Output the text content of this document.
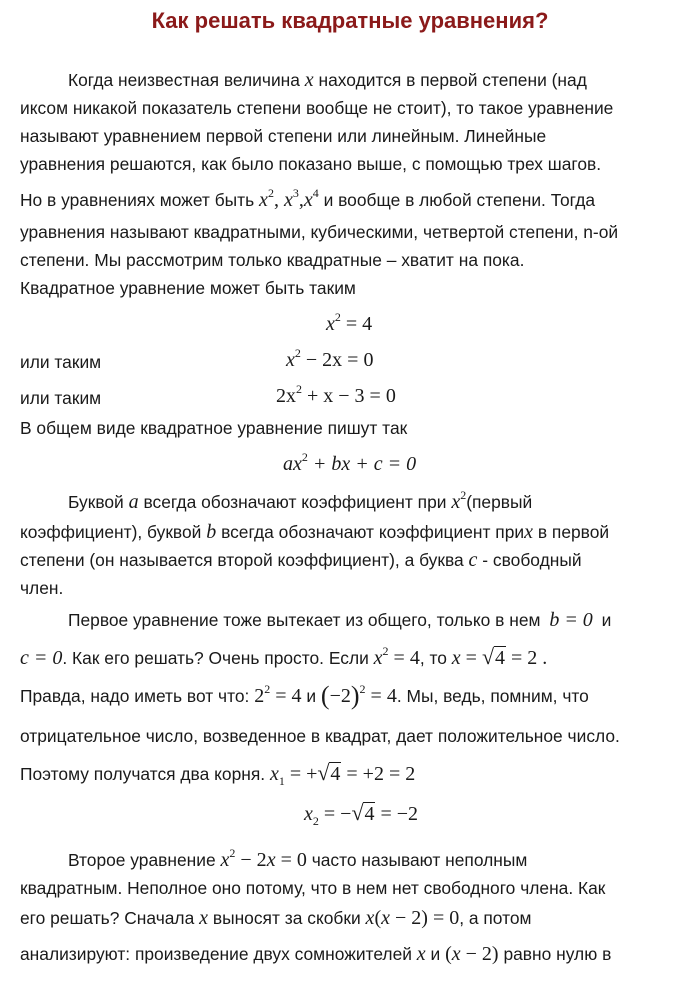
Как решать квадратные уравнения?
Когда неизвестная величина x находится в первой степени (над
иксом никакой показатель степени вообще не стоит), то такое уравнение
называют уравнением первой степени или линейным. Линейные
уравнения решаются, как было показано выше, с помощью трех шагов.
Но в уравнениях может быть $x^2$, $x^3,x^4$ и вообще в любой степени. Тогда
уравнения называют квадратными, кубическими, четвертой степени, n-ой
степени. Мы рассмотрим только квадратные – хватит на пока.
Квадратное уравнение может быть таким
$x^2 = 4$
или таким	$x^2 - 2x = 0$
или таким	$2x^2 + x - 3 = 0$
В общем виде квадратное уравнение пишут так
$ax^2$ + bx + c = 0
Буквой a всегда обозначают коэффициент при $x^2(первый$
коэффициент), буквой b всегда обозначают коэффициент приx в первой
степени (он называется второй коэффициент), а буква c - свободный
член.
Первое уравнение тоже вытекает из общего, только в нем b = 0 и
c = 0. Как его решать? Очень просто. Если $x^2 = 4$, то x = √ 4 = 2 .
Правда, надо иметь вот что: $2^2 = 4$ и $(-2)^2 = 4$. Мы, ведь, помним, что
отрицательное число, возведенное в квадрат, дает положительное число.
Поэтому получатся два корня. $x_1$ = + √ 4 = +2 = 2
$x_2$ = − √ 4 = −2
Второе уравнение $x^2 - 2x = 0$ часто называют неполным
квадратным. Неполное оно потому, что в нем нет свободного члена. Как
его решать? Сначала x выносят за скобки x(x − 2) = 0, а потом
анализируют: произведение двух сомножителей x и (x − 2) равно нулю в
